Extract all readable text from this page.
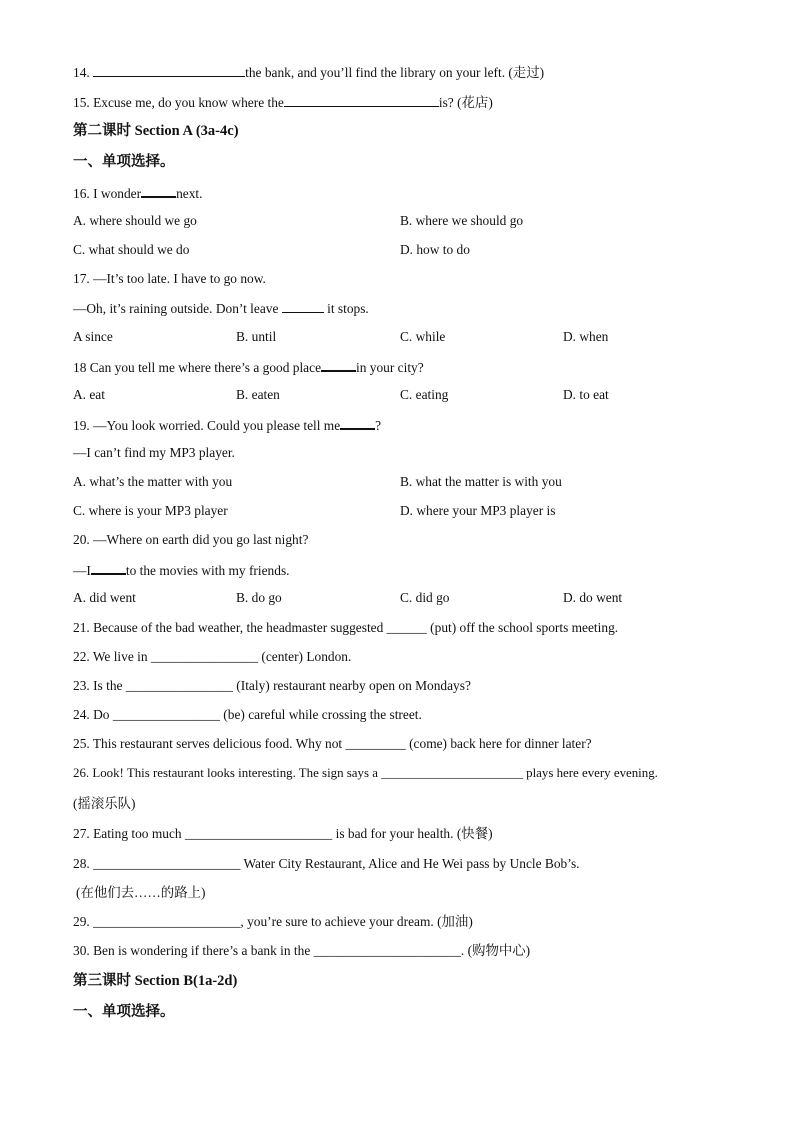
14.	the bank, and you’ll find the library on your left. (走过)
15. Excuse me, do you know where the	is? (花店)
第二课时 Section A (3a-4c)
一、单项选择。
16. I wonder	next.
A. where should we go	B. where we should go
C. what should we do	D. how to do
17. —It’s too late. I have to go now.
—Oh, it’s raining outside. Don’t leave	it stops.
A since	B. until	C. while	D. when
18 Can you tell me where there’s a good place	in your city?
A. eat	B. eaten	C. eating	D. to eat
19. —You look worried. Could you please tell me	?
—I can’t find my MP3 player.
A. what’s the matter with you	B. what the matter is with you
C. where is your MP3 player	D. where your MP3 player is
20. —Where on earth did you go last night?
—I	to the movies with my friends.
A. did went	B. do go	C. did go	D. do went
21. Because of the bad weather, the headmaster suggested ______ (put) off the school sports meeting.
22. We live in ________________ (center) London.
23. Is the ________________ (Italy) restaurant nearby open on Mondays?
24. Do ________________ (be) careful while crossing the street.
25. This restaurant serves delicious food. Why not _________ (come) back here for dinner later?
26. Look! This restaurant looks interesting. The sign says a ______________________ plays here every evening.
(摇滚乐队)
27. Eating too much ______________________ is bad for your health. (快餐)
28. ______________________ Water City Restaurant, Alice and He Wei pass by Uncle Bob’s.
(在他们去……的路上)
29. ______________________, you’re sure to achieve your dream. (加油)
30. Ben is wondering if there’s a bank in the ______________________. (购物中心)
第三课时 Section B(1a-2d)
一、单项选择。
